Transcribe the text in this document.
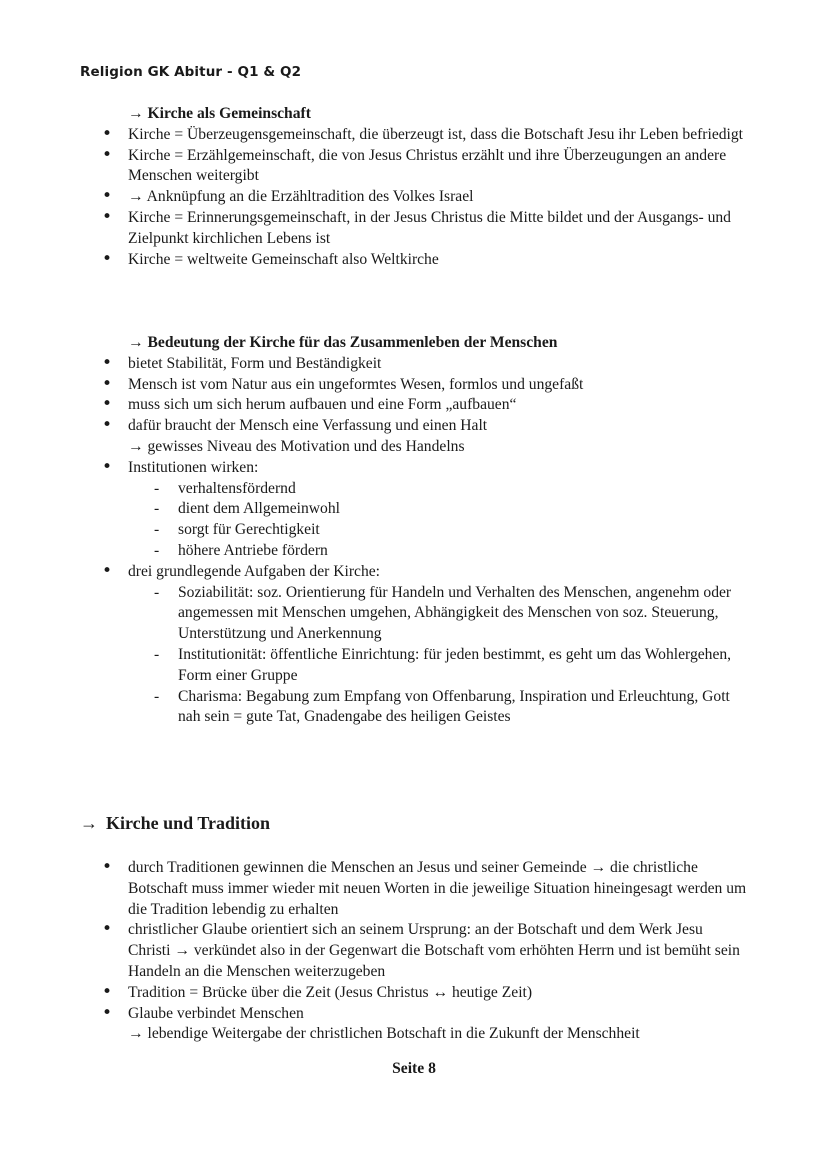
Religion GK Abitur - Q1 & Q2
→ Kirche als Gemeinschaft
• Kirche = Überzeugensgemeinschaft, die überzeugt ist, dass die Botschaft Jesu ihr Leben befriedigt
• Kirche = Erzählgemeinschaft, die von Jesus Christus erzählt und ihre Überzeugungen an andere Menschen weitergibt
• → Anknüpfung an die Erzähltradition des Volkes Israel
• Kirche = Erinnerungsgemeinschaft, in der Jesus Christus die Mitte bildet und der Ausgangs- und Zielpunkt kirchlichen Lebens ist
• Kirche = weltweite Gemeinschaft also Weltkirche
→ Bedeutung der Kirche für das Zusammenleben der Menschen
• bietet Stabilität, Form und Beständigkeit
• Mensch ist vom Natur aus ein ungeformtes Wesen, formlos und ungefaßt
• muss sich um sich herum aufbauen und eine Form „aufbauen“
• dafür braucht der Mensch eine Verfassung und einen Halt
→ gewisses Niveau des Motivation und des Handelns
• Institutionen wirken:
- verhaltensfördernd
- dient dem Allgemeinwohl
- sorgt für Gerechtigkeit
- höhere Antriebe fördern
• drei grundlegende Aufgaben der Kirche:
- Soziabilität: soz. Orientierung für Handeln und Verhalten des Menschen, angenehm oder angemessen mit Menschen umgehen, Abhängigkeit des Menschen von soz. Steuerung, Unterstützung und Anerkennung
- Institutionität: öffentliche Einrichtung: für jeden bestimmt, es geht um das Wohlergehen, Form einer Gruppe
- Charisma: Begabung zum Empfang von Offenbarung, Inspiration und Erleuchtung, Gott nah sein = gute Tat, Gnadengabe des heiligen Geistes
→ Kirche und Tradition
• durch Traditionen gewinnen die Menschen an Jesus und seiner Gemeinde → die christliche Botschaft muss immer wieder mit neuen Worten in die jeweilige Situation hineingesagt werden um die Tradition lebendig zu erhalten
• christlicher Glaube orientiert sich an seinem Ursprung: an der Botschaft und dem Werk Jesu Christi → verkündet also in der Gegenwart die Botschaft vom erhöhten Herrn und ist bemüht sein Handeln an die Menschen weiterzugeben
• Tradition = Brücke über die Zeit (Jesus Christus ↔ heutige Zeit)
• Glaube verbindet Menschen
→ lebendige Weitergabe der christlichen Botschaft in die Zukunft der Menschheit
Seite 8
